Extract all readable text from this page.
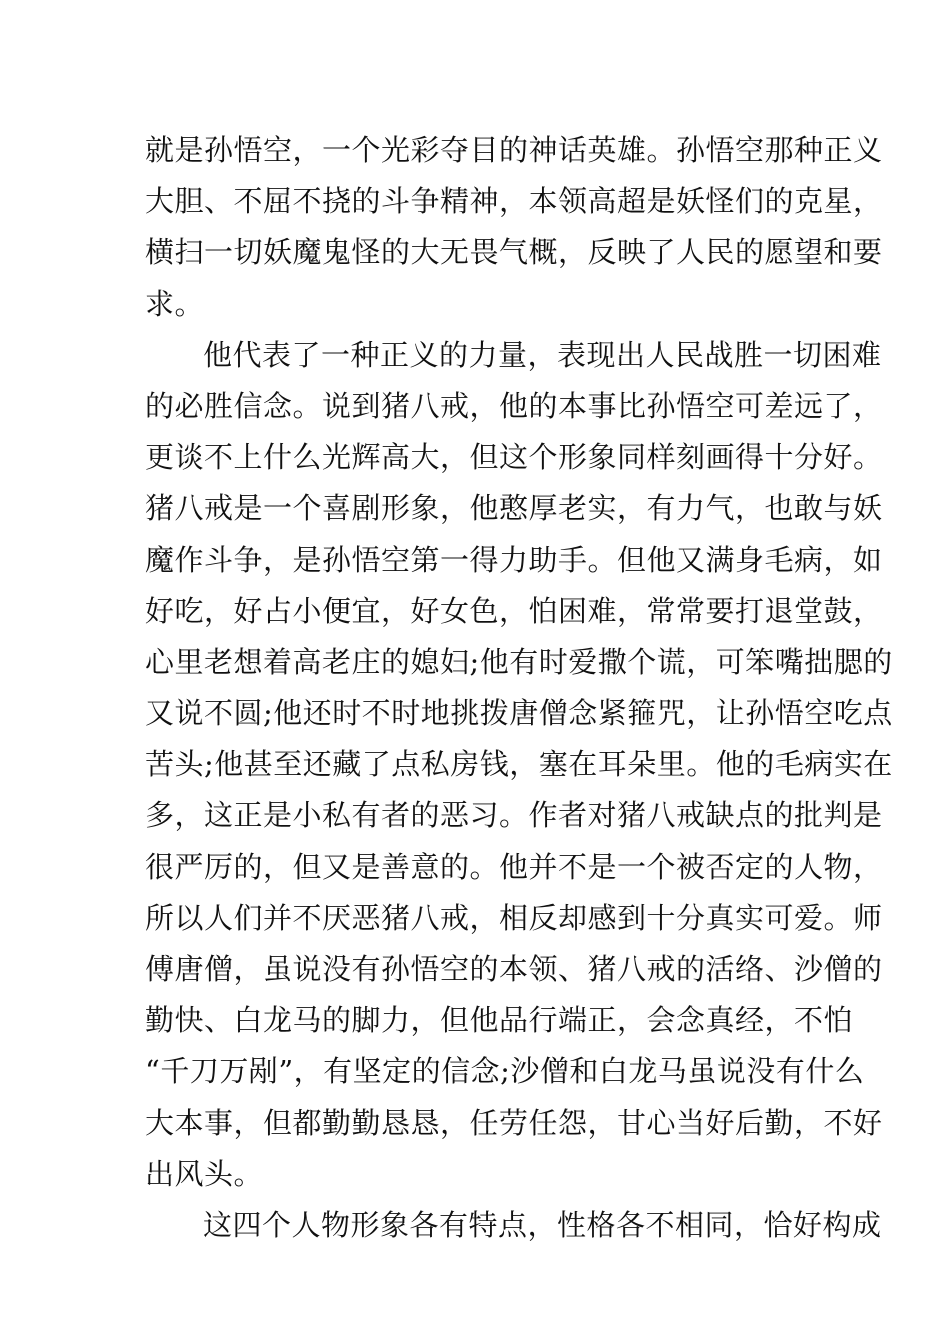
就是孙悟空，一个光彩夺目的神话英雄。孙悟空那种正义
大胆、不屈不挠的斗争精神，本领高超是妖怪们的克星，
横扫一切妖魔鬼怪的大无畏气概，反映了人民的愿望和要
求。
他代表了一种正义的力量，表现出人民战胜一切困难
的必胜信念。说到猪八戒，他的本事比孙悟空可差远了，
更谈不上什么光辉高大，但这个形象同样刻画得十分好。
猪八戒是一个喜剧形象，他憨厚老实，有力气，也敢与妖
魔作斗争，是孙悟空第一得力助手。但他又满身毛病，如
好吃，好占小便宜，好女色，怕困难，常常要打退堂鼓，
心里老想着高老庄的媳妇;他有时爱撒个谎，可笨嘴拙腮的
又说不圆;他还时不时地挑拨唐僧念紧箍咒，让孙悟空吃点
苦头;他甚至还藏了点私房钱，塞在耳朵里。他的毛病实在
多，这正是小私有者的恶习。作者对猪八戒缺点的批判是
很严厉的，但又是善意的。他并不是一个被否定的人物，
所以人们并不厌恶猪八戒，相反却感到十分真实可爱。师
傅唐僧，虽说没有孙悟空的本领、猪八戒的活络、沙僧的
勤快、白龙马的脚力，但他品行端正，会念真经，不怕
“千刀万剐”，有坚定的信念;沙僧和白龙马虽说没有什么
大本事，但都勤勤恳恳，任劳任怨，甘心当好后勤，不好
出风头。
这四个人物形象各有特点，性格各不相同，恰好构成
